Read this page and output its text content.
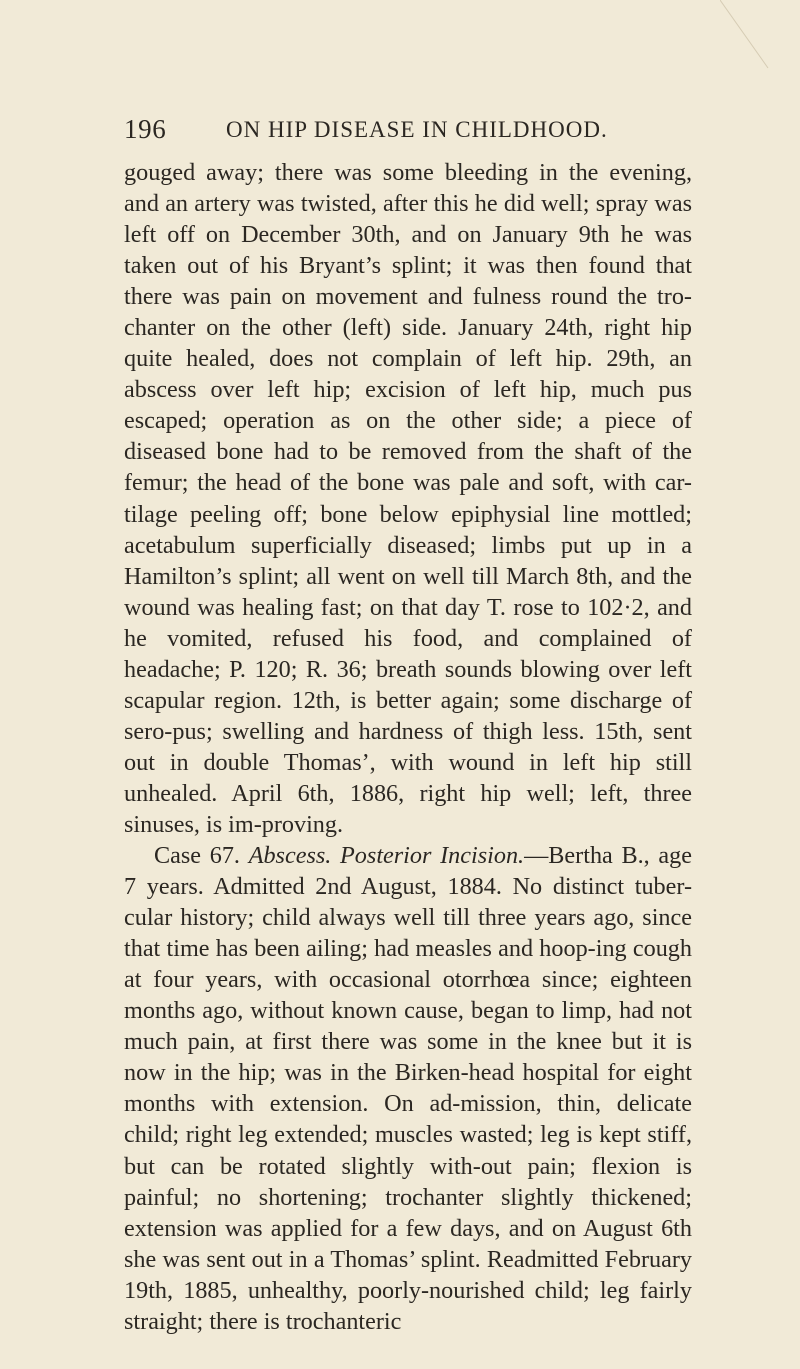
196	ON HIP DISEASE IN CHILDHOOD.

gouged away; there was some bleeding in the evening, and an artery was twisted, after this he did well; spray was left off on December 30th, and on January 9th he was taken out of his Bryant’s splint; it was then found that there was pain on movement and fulness round the tro-chanter on the other (left) side. January 24th, right hip quite healed, does not complain of left hip. 29th, an abscess over left hip; excision of left hip, much pus escaped; operation as on the other side; a piece of diseased bone had to be removed from the shaft of the femur; the head of the bone was pale and soft, with car-tilage peeling off; bone below epiphysial line mottled; acetabulum superficially diseased; limbs put up in a Hamilton’s splint; all went on well till March 8th, and the wound was healing fast; on that day T. rose to 102·2, and he vomited, refused his food, and complained of headache; P. 120; R. 36; breath sounds blowing over left scapular region. 12th, is better again; some discharge of sero-pus; swelling and hardness of thigh less. 15th, sent out in double Thomas’, with wound in left hip still unhealed. April 6th, 1886, right hip well; left, three sinuses, is im-proving.

Case 67. Abscess. Posterior Incision.—Bertha B., age 7 years. Admitted 2nd August, 1884. No distinct tuber-cular history; child always well till three years ago, since that time has been ailing; had measles and hoop-ing cough at four years, with occasional otorrhœa since; eighteen months ago, without known cause, began to limp, had not much pain, at first there was some in the knee but it is now in the hip; was in the Birken-head hospital for eight months with extension. On ad-mission, thin, delicate child; right leg extended; muscles wasted; leg is kept stiff, but can be rotated slightly with-out pain; flexion is painful; no shortening; trochanter slightly thickened; extension was applied for a few days, and on August 6th she was sent out in a Thomas’ splint. Readmitted February 19th, 1885, unhealthy, poorly-nourished child; leg fairly straight; there is trochanteric
